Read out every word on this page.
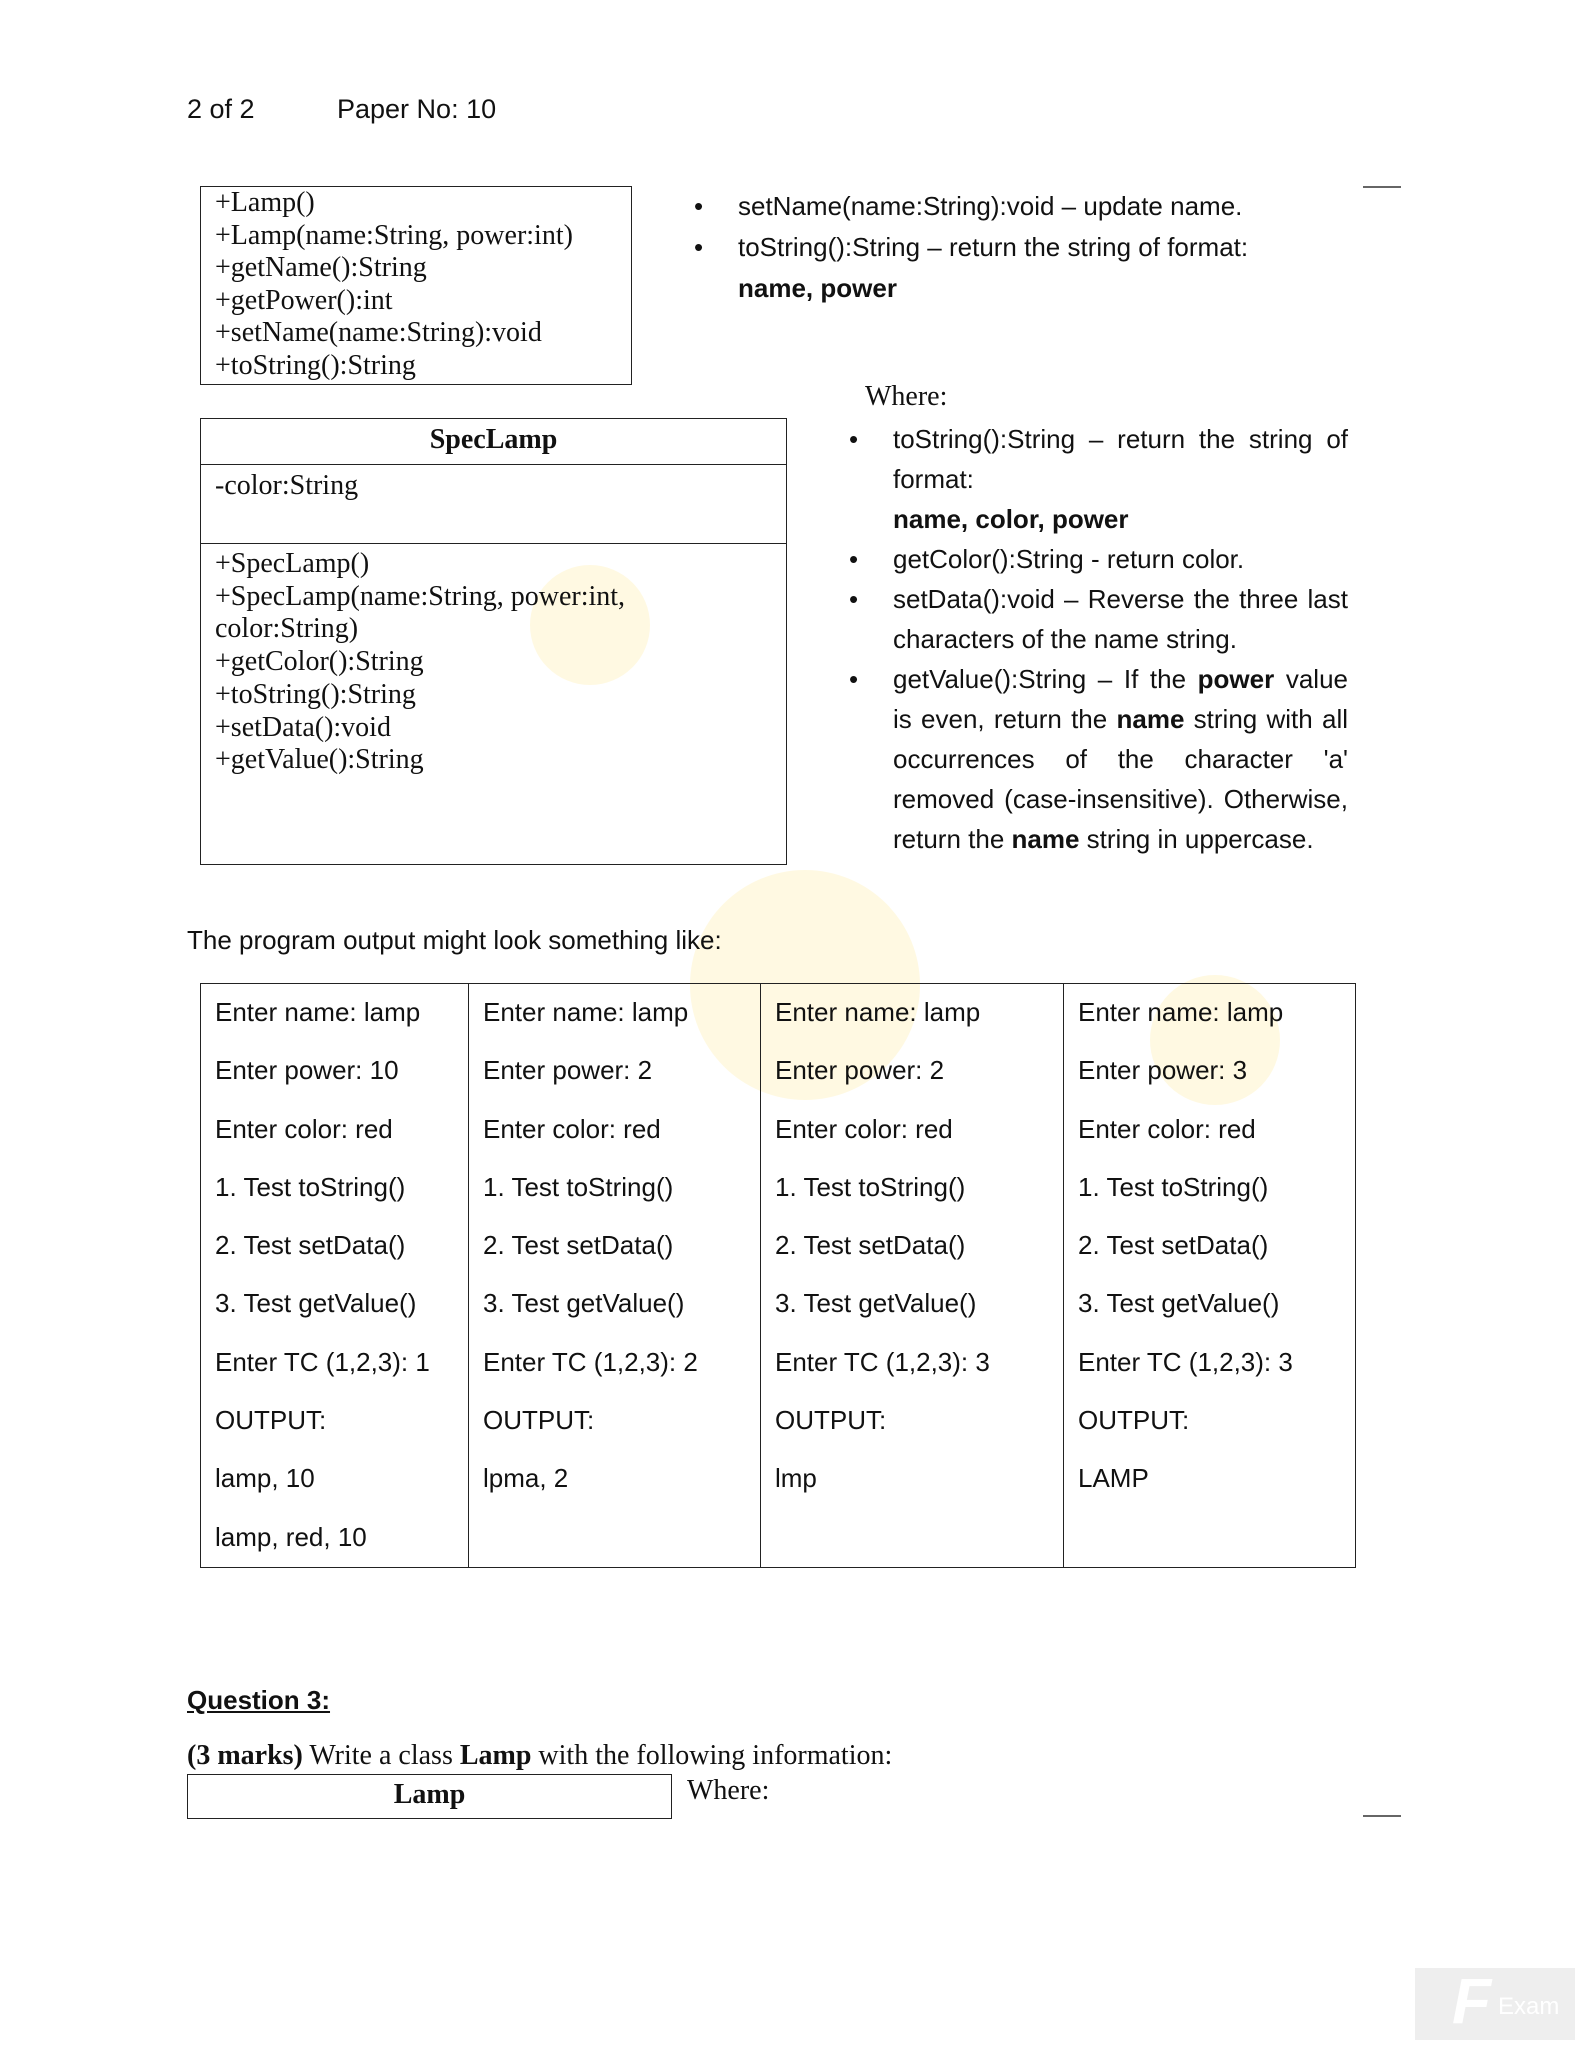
2 of 2	Paper No: 10
+Lamp()
+Lamp(name:String, power:int)
+getName():String
+getPower():int
+setName(name:String):void
+toString():String
• setName(name:String):void – update name.
• toString():String – return the string of format:
name, power
SpecLamp
-color:String
+SpecLamp()
+SpecLamp(name:String, power:int,
color:String)
+getColor():String
+toString():String
+setData():void
+getValue():String
Where:
• toString():String – return the string of format:
name, color, power
• getColor():String - return color.
• setData():void – Reverse the three last characters of the name string.
• getValue():String – If the power value is even, return the name string with all occurrences of the character 'a' removed (case-insensitive). Otherwise, return the name string in uppercase.
The program output might look something like:
Enter name: lamp
Enter power: 10
Enter color: red
1. Test toString()
2. Test setData()
3. Test getValue()
Enter TC (1,2,3): 1
OUTPUT:
lamp, 10
lamp, red, 10

Enter name: lamp
Enter power: 2
Enter color: red
1. Test toString()
2. Test setData()
3. Test getValue()
Enter TC (1,2,3): 2
OUTPUT:
lpma, 2

Enter name: lamp
Enter power: 2
Enter color: red
1. Test toString()
2. Test setData()
3. Test getValue()
Enter TC (1,2,3): 3
OUTPUT:
lmp

Enter name: lamp
Enter power: 3
Enter color: red
1. Test toString()
2. Test setData()
3. Test getValue()
Enter TC (1,2,3): 3
OUTPUT:
LAMP
Question 3:
(3 marks) Write a class Lamp with the following information:
Lamp	Where:
F Exam
